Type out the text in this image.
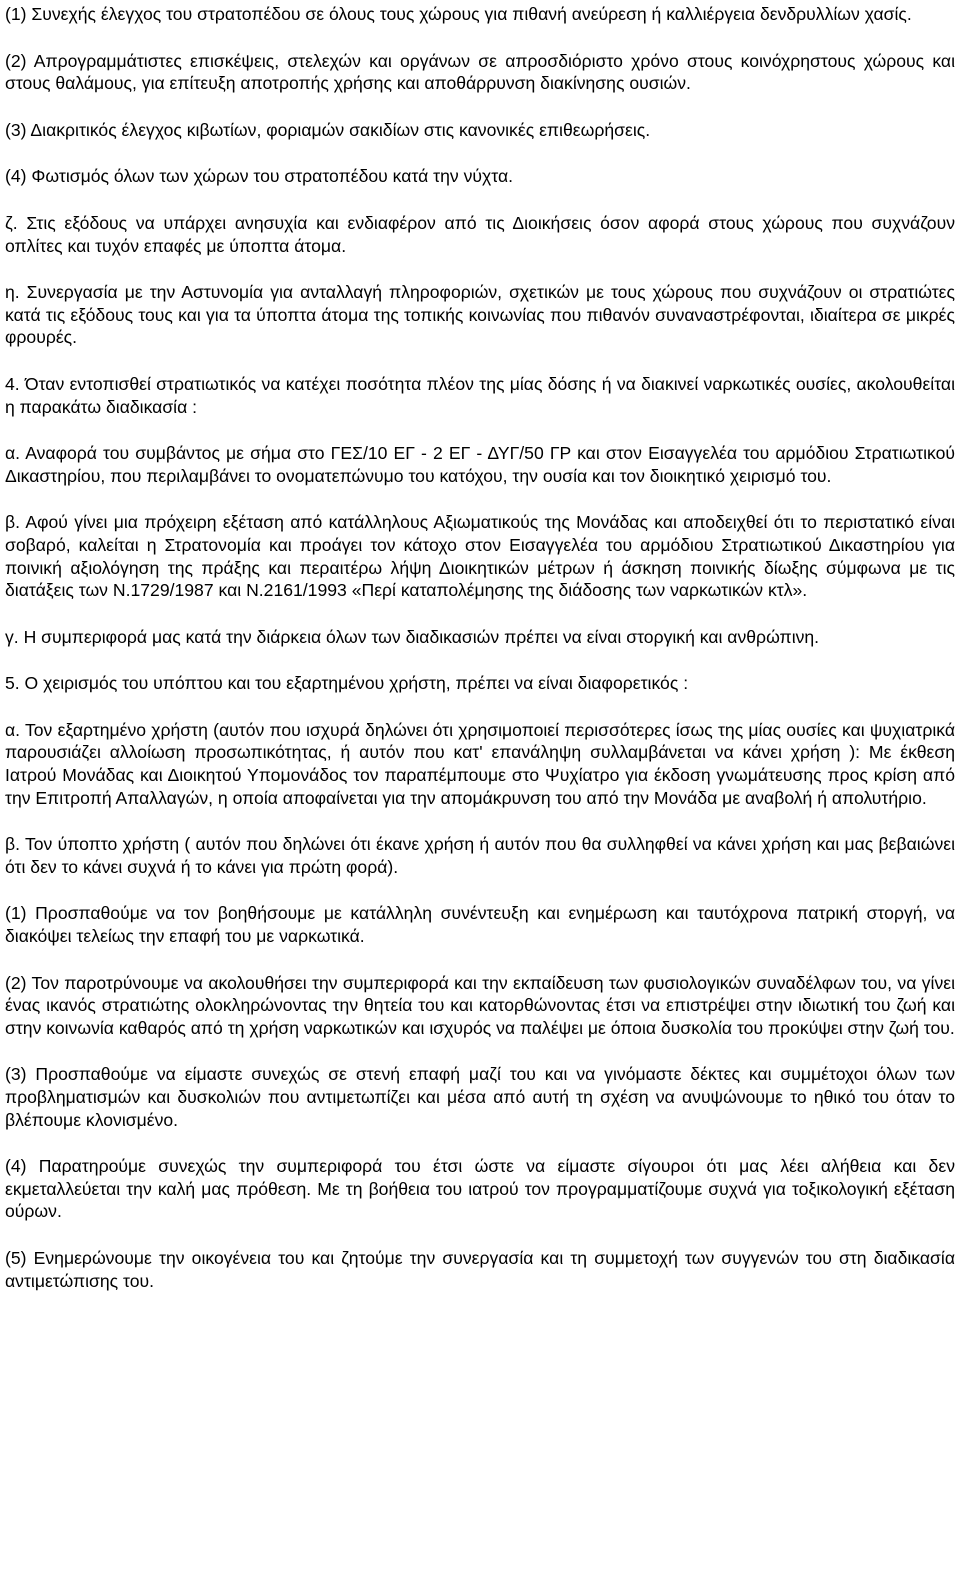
(1) Συνεχής έλεγχος του στρατοπέδου σε όλους τους χώρους για πιθανή ανεύρεση ή καλλιέργεια δενδρυλλίων χασίς.

(2) Απρογραμμάτιστες επισκέψεις, στελεχών και οργάνων σε απροσδιόριστο χρόνο στους κοινόχρηστους χώρους και στους θαλάμους, για επίτευξη αποτροπής χρήσης και αποθάρρυνση διακίνησης ουσιών.

(3) Διακριτικός έλεγχος κιβωτίων, φοριαμών σακιδίων στις κανονικές επιθεωρήσεις.

(4) Φωτισμός όλων των χώρων του στρατοπέδου κατά την νύχτα.

ζ. Στις εξόδους να υπάρχει ανησυχία και ενδιαφέρον από τις Διοικήσεις όσον αφορά στους χώρους που συχνάζουν οπλίτες και τυχόν επαφές με ύποπτα άτομα.

η. Συνεργασία με την Αστυνομία για ανταλλαγή πληροφοριών, σχετικών με τους χώρους που συχνάζουν οι στρατιώτες κατά τις εξόδους τους και για τα ύποπτα άτομα της τοπικής κοινωνίας που πιθανόν συναναστρέφονται, ιδιαίτερα σε μικρές φρουρές.

4. Όταν εντοπισθεί στρατιωτικός να κατέχει ποσότητα πλέον της μίας δόσης ή να διακινεί ναρκωτικές ουσίες, ακολουθείται η παρακάτω διαδικασία :

α. Αναφορά του συμβάντος με σήμα στο ΓΕΣ/10 ΕΓ - 2 ΕΓ - ΔΥΓ/50 ΓΡ και στον Εισαγγελέα του αρμόδιου Στρατιωτικού Δικαστηρίου, που περιλαμβάνει το ονοματεπώνυμο του κατόχου, την ουσία και τον διοικητικό χειρισμό του.

β. Αφού γίνει μια πρόχειρη εξέταση από κατάλληλους Αξιωματικούς της Μονάδας και αποδειχθεί ότι το περιστατικό είναι σοβαρό, καλείται η Στρατονομία και προάγει τον κάτοχο στον Εισαγγελέα του αρμόδιου Στρατιωτικού Δικαστηρίου για ποινική αξιολόγηση της πράξης και περαιτέρω λήψη Διοικητικών μέτρων ή άσκηση ποινικής δίωξης σύμφωνα με τις διατάξεις των Ν.1729/1987 και Ν.2161/1993 «Περί καταπολέμησης της διάδοσης των ναρκωτικών κτλ».

γ. Η συμπεριφορά μας κατά την διάρκεια όλων των διαδικασιών πρέπει να είναι στοργική και ανθρώπινη.

5. Ο χειρισμός του υπόπτου και του εξαρτημένου χρήστη, πρέπει να είναι διαφορετικός :

α. Τον εξαρτημένο χρήστη (αυτόν που ισχυρά δηλώνει ότι χρησιμοποιεί περισσότερες ίσως της μίας ουσίες και ψυχιατρικά παρουσιάζει αλλοίωση προσωπικότητας, ή αυτόν που κατ' επανάληψη συλλαμβάνεται να κάνει χρήση ): Με έκθεση Ιατρού Μονάδας και Διοικητού Υπομονάδος τον παραπέμπουμε στο Ψυχίατρο για έκδοση γνωμάτευσης προς κρίση από την Επιτροπή Απαλλαγών, η οποία αποφαίνεται για την απομάκρυνση του από την Μονάδα με αναβολή ή απολυτήριο.

β. Τον ύποπτο χρήστη ( αυτόν που δηλώνει ότι έκανε χρήση ή αυτόν που θα συλληφθεί να κάνει χρήση και μας βεβαιώνει ότι δεν το κάνει συχνά ή το κάνει για πρώτη φορά).

(1) Προσπαθούμε να τον βοηθήσουμε με κατάλληλη συνέντευξη και ενημέρωση και ταυτόχρονα πατρική στοργή, να διακόψει τελείως την επαφή του με ναρκωτικά.

(2) Τον παροτρύνουμε να ακολουθήσει την συμπεριφορά και την εκπαίδευση των φυσιολογικών συναδέλφων του, να γίνει ένας ικανός στρατιώτης ολοκληρώνοντας την θητεία του και κατορθώνοντας έτσι να επιστρέψει στην ιδιωτική του ζωή και στην κοινωνία καθαρός από τη χρήση ναρκωτικών και ισχυρός να παλέψει με όποια δυσκολία του προκύψει στην ζωή του.

(3) Προσπαθούμε να είμαστε συνεχώς σε στενή επαφή μαζί του και να γινόμαστε δέκτες και συμμέτοχοι όλων των προβληματισμών και δυσκολιών που αντιμετωπίζει και μέσα από αυτή τη σχέση να ανυψώνουμε το ηθικό του όταν το βλέπουμε κλονισμένο.

(4) Παρατηρούμε συνεχώς την συμπεριφορά του έτσι ώστε να είμαστε σίγουροι ότι μας λέει αλήθεια και δεν εκμεταλλεύεται την καλή μας πρόθεση. Με τη βοήθεια του ιατρού τον προγραμματίζουμε συχνά για τοξικολογική εξέταση ούρων.

(5) Ενημερώνουμε την οικογένεια του και ζητούμε την συνεργασία και τη συμμετοχή των συγγενών του στη διαδικασία αντιμετώπισης του.
